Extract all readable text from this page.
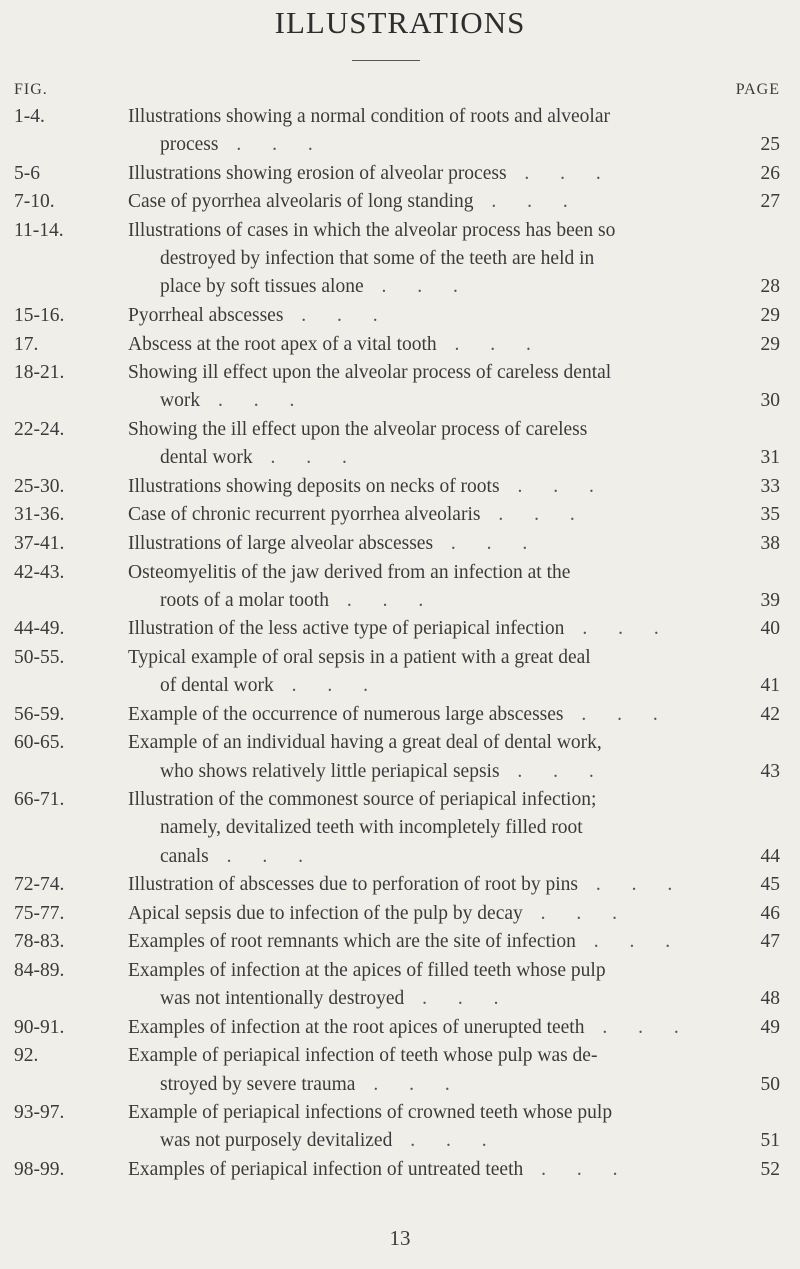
ILLUSTRATIONS
FIG.	PAGE
1-4.	Illustrations showing a normal condition of roots and alveolar
process . . .	25
5-6	Illustrations showing erosion of alveolar process . . .	26
7-10.	Case of pyorrhea alveolaris of long standing . . .	27
11-14.	Illustrations of cases in which the alveolar process has been so
destroyed by infection that some of the teeth are held in
place by soft tissues alone . . .	28
15-16.	Pyorrheal abscesses . . .	29
17.	Abscess at the root apex of a vital tooth . . .	29
18-21.	Showing ill effect upon the alveolar process of careless dental
work . . .	30
22-24.	Showing the ill effect upon the alveolar process of careless
dental work . . .	31
25-30.	Illustrations showing deposits on necks of roots . . .	33
31-36.	Case of chronic recurrent pyorrhea alveolaris . . .	35
37-41.	Illustrations of large alveolar abscesses . . .	38
42-43.	Osteomyelitis of the jaw derived from an infection at the
roots of a molar tooth . . .	39
44-49.	Illustration of the less active type of periapical infection . . .	40
50-55.	Typical example of oral sepsis in a patient with a great deal
of dental work . . .	41
56-59.	Example of the occurrence of numerous large abscesses . . .	42
60-65.	Example of an individual having a great deal of dental work,
who shows relatively little periapical sepsis . . .	43
66-71.	Illustration of the commonest source of periapical infection;
namely, devitalized teeth with incompletely filled root
canals . . .	44
72-74.	Illustration of abscesses due to perforation of root by pins . . .	45
75-77.	Apical sepsis due to infection of the pulp by decay . . .	46
78-83.	Examples of root remnants which are the site of infection . . .	47
84-89.	Examples of infection at the apices of filled teeth whose pulp
was not intentionally destroyed . . .	48
90-91.	Examples of infection at the root apices of unerupted teeth . . .	49
92.	Example of periapical infection of teeth whose pulp was de-
stroyed by severe trauma . . .	50
93-97.	Example of periapical infections of crowned teeth whose pulp
was not purposely devitalized . . .	51
98-99.	Examples of periapical infection of untreated teeth . . .	52
13
